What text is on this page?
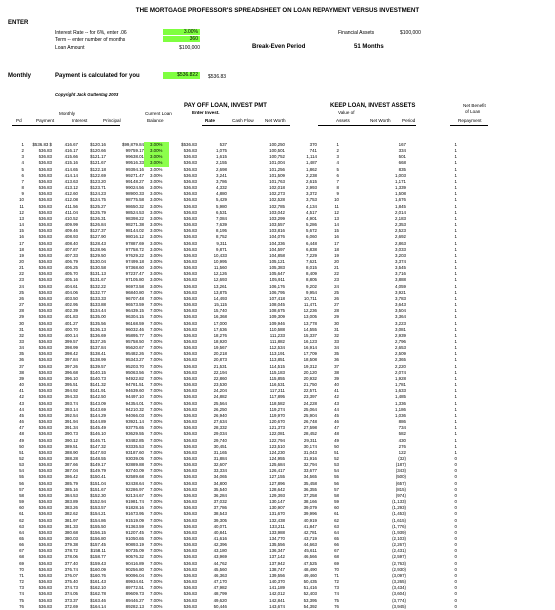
THE MORTGAGE PROFESSOR'S SPREADSHEET ON LOAN REPAYMENT VERSUS INVESTMENT
ENTER
Interest Rate -- for 6%, enter .06	3.00%
Term -- enter number of months	360
Loan Amount	$100,000
Financial Assets	$100,000
Break-Even Period	51 Months
Monthly	Payment is calculated for you	$536.822	$536.83
Copyright Jack Guttentag 2003
PAY OFF LOAN, INVEST PMT	KEEP LOAN, INVEST ASSETS	Net Benefit
of Loan
Monthly	Current Loan	Enter Invest.	Value of
Pd	Payment	Interest	Principal	Balance	Rate	Cash Flow Net Worth	Assets	Net Worth Period	Repayment
1	$536.83 $	416.67	$120.16	$99,879.84	3.00%	$536.83	537	100,250	370	1	167	1
2	536.83	416.17	$120.66	99759.17	3.00%	536.83	1,075	100,501	741	2	334	1
3	536.83	415.66	$121.17	99638.01	3.00%	536.83	1,615	100,752	1,114	3	501	1
4	536.83	415.16	$121.67	99516.33	3.00%	536.83	2,155	101,004	1,487	4	668	1
5	536.83	414.65	$122.18	99394.16	3.00%	536.83	2,698	101,256	1,862	5	835	1
6	536.83	414.14	$122.69	99271.47	3.00%	536.83	3,241	101,509	2,238	6	1,003	1
7	536.83	413.63	$123.20	99148.27	3.00%	536.83	3,786	101,763	2,615	7	1,171	1
8	536.83	413.12	$123.71	99024.56	3.00%	536.83	4,332	102,018	2,993	8	1,339	1
9	536.83	412.60	$124.23	98900.33	3.00%	536.83	4,880	102,273	3,372	9	1,508	1
10	536.83	412.08	$124.75	98775.58	3.00%	536.83	5,429	102,528	3,753	10	1,676	1
11	536.83	411.56	$125.27	98650.32	3.00%	536.83	5,980	102,785	4,134	11	1,845	1
12	536.83	411.04	$125.79	98524.53	3.00%	536.83	6,531	103,042	4,517	12	2,014	1
13	536.83	410.52	$126.31	98398.22	3.00%	536.83	7,084	103,299	4,901	13	2,183	1
14	536.83	409.99	$126.84	98271.38	3.00%	536.83	7,639	103,557	5,286	14	2,353	1
15	536.83	409.46	$127.37	98144.02	3.00%	536.83	8,195	103,816	5,672	15	2,523	1
16	536.83	408.93	$127.90	98016.12	3.00%	536.83	8,752	104,076	6,060	16	2,692	1
17	536.83	408.40	$128.43	97887.69	3.00%	536.83	9,311	104,336	6,448	17	2,863	1
18	536.83	407.87	$128.96	97758.72	3.00%	536.83	9,871	104,597	6,838	18	3,033	1
19	536.83	407.33	$129.50	97629.22	3.00%	536.83	10,433	104,858	7,229	19	3,203	1
20	536.83	406.79	$130.04	97499.18	3.00%	536.83	10,995	105,121	7,621	20	3,374	1
21	536.83	406.25	$130.58	97368.60	3.00%	536.83	11,560	105,383	8,015	21	3,545	1
22	536.83	405.70	$131.13	97237.47	3.00%	536.83	12,126	105,647	8,409	22	3,716	1
23	536.83	405.16	$131.67	97105.80	3.00%	536.83	12,693	105,911	8,805	23	3,888	1
24	536.83	404.61	$132.22	96973.58	3.00%	536.83	13,261	106,176	9,202	24	4,059	1
25	536.83	404.06	$132.77	96840.80	7.00%	536.83	13,875	106,795	9,954	25	3,921	1
26	536.83	403.50	$133.33	96707.48	7.00%	536.83	14,493	107,418	10,711	26	3,783	1
27	536.83	402.95	$133.88	96573.59	7.00%	536.83	15,115	108,045	11,471	27	3,643	1
28	536.83	402.39	$134.44	96439.15	7.00%	536.83	15,740	108,675	12,236	28	3,504	1
29	536.83	401.83	$135.00	96304.15	7.00%	536.83	16,368	109,309	13,005	29	3,364	1
30	536.83	401.27	$135.56	96168.59	7.00%	536.83	17,000	109,946	13,778	30	3,223	1
31	536.83	400.70	$136.13	96032.46	7.00%	536.83	17,636	110,588	14,555	31	3,081	1
32	536.83	400.14	$136.69	95895.77	7.00%	536.83	18,276	111,233	15,337	32	2,939	1
33	536.83	399.57	$137.26	95758.50	7.00%	536.83	18,920	111,882	16,123	33	2,796	1
34	536.83	398.99	$137.84	95620.67	7.00%	536.83	19,567	112,534	16,914	34	2,653	1
35	536.83	398.42	$138.41	95482.26	7.00%	536.83	20,218	113,191	17,709	35	2,509	1
36	536.83	397.84	$138.99	95343.27	7.00%	536.83	20,873	113,851	18,508	36	2,365	1
37	536.83	397.26	$139.57	95203.70	7.00%	536.83	21,531	114,515	19,312	37	2,220	1
38	536.83	396.68	$140.15	95063.56	7.00%	536.83	22,194	115,183	20,120	38	2,074	1
39	536.83	396.10	$140.73	94922.82	7.00%	536.83	22,860	115,855	20,932	39	1,928	1
40	536.83	395.51	$141.32	94781.51	7.00%	536.83	23,530	116,531	21,750	40	1,781	1
41	536.83	394.92	$141.91	94639.60	7.00%	536.83	24,204	117,211	22,571	41	1,633	1
42	536.83	394.33	$142.50	94497.10	7.00%	536.83	24,882	117,895	23,397	42	1,485	1
43	536.83	393.74	$143.09	94354.01	7.00%	536.83	25,564	118,582	24,228	43	1,336	1
44	536.83	393.14	$143.69	94210.32	7.00%	536.83	26,250	119,274	25,064	44	1,186	1
45	536.83	392.54	$144.29	94066.03	7.00%	536.83	26,940	119,970	25,904	45	1,036	1
46	536.83	391.94	$144.89	93921.14	7.00%	536.83	27,634	120,670	26,748	46	886	1
47	536.83	391.34	$145.49	93775.65	7.00%	536.83	28,332	121,373	27,598	47	734	1
48	536.83	390.73	$146.10	93629.55	7.00%	536.83	29,034	122,081	28,452	48	582	1
49	536.83	390.12	$146.71	93482.85	7.00%	536.83	29,740	122,794	29,311	49	430	1
50	536.83	389.51	$147.32	93335.53	7.00%	536.83	30,451	123,510	30,174	50	276	1
51	536.83	388.90	$147.93	93187.60	7.00%	536.83	31,165	124,230	31,043	51	122	1
52	536.83	388.28	$148.55	93039.05	7.00%	536.83	31,884	124,955	31,916	52	(32)	0
53	536.83	387.66	$149.17	92889.88	7.00%	536.83	32,607	125,684	32,794	53	(187)	0
54	536.83	387.04	$149.79	92740.09	7.00%	536.83	33,334	126,417	33,677	54	(343)	0
55	536.83	386.42	$150.41	92589.68	7.00%	536.83	34,065	127,155	34,565	55	(500)	0
56	536.83	385.79	$151.04	92438.64	7.00%	536.83	34,800	127,896	35,458	56	(657)	0
57	536.83	385.16	$151.67	92286.97	7.00%	536.83	35,540	128,642	36,355	57	(815)	0
58	536.83	384.53	$152.30	92134.67	7.00%	536.83	36,284	129,393	37,258	58	(974)	0
59	536.83	383.89	$152.94	91981.74	7.00%	536.83	37,032	130,147	38,166	59	(1,133)	0
60	536.83	383.26	$153.57	91828.16	7.00%	536.83	37,786	130,907	39,079	60	(1,293)	0
61	536.83	382.62	$154.21	91673.95	7.00%	536.83	38,543	131,670	39,996	61	(1,453)	0
62	536.83	381.97	$154.86	91519.09	7.00%	536.83	39,305	132,438	40,919	62	(1,615)	0
63	536.83	381.33	$155.50	91363.59	7.00%	536.83	40,071	133,211	41,847	63	(1,776)	0
64	536.83	380.68	$156.15	91207.45	7.00%	536.83	40,841	133,988	42,781	64	(1,939)	0
65	536.83	380.03	$156.80	91050.65	7.00%	536.83	41,616	134,770	43,719	65	(2,103)	0
66	536.83	379.38	$157.45	90893.19	7.00%	536.83	42,396	135,556	44,663	66	(2,267)	0
67	536.83	378.72	$158.11	90735.09	7.00%	536.83	43,180	136,347	45,611	67	(2,431)	0
68	536.83	378.06	$158.77	90576.32	7.00%	536.83	43,969	137,142	46,566	68	(2,597)	0
69	536.83	377.40	$159.43	90416.89	7.00%	536.83	44,762	137,942	47,525	69	(2,763)	0
70	536.83	376.74	$160.09	90256.80	7.00%	536.83	45,560	138,747	48,490	70	(2,930)	0
71	536.83	376.07	$160.76	90096.04	7.00%	536.83	46,363	139,556	49,460	71	(3,097)	0
72	536.83	375.40	$161.43	89934.61	7.00%	536.83	47,170	140,370	50,435	72	(3,265)	0
73	536.83	374.73	$162.10	89772.51	7.00%	536.83	47,982	141,189	51,416	73	(3,434)	0
74	536.83	374.05	$162.78	89609.73	7.00%	536.83	48,799	142,012	52,403	74	(3,604)	0
75	536.83	373.37	$163.46	89446.27	7.00%	536.83	49,620	142,841	53,395	75	(3,774)	0
76	536.83	372.69	$164.14	89282.13	7.00%	536.83	50,446	143,674	54,392	76	(3,945)	0
